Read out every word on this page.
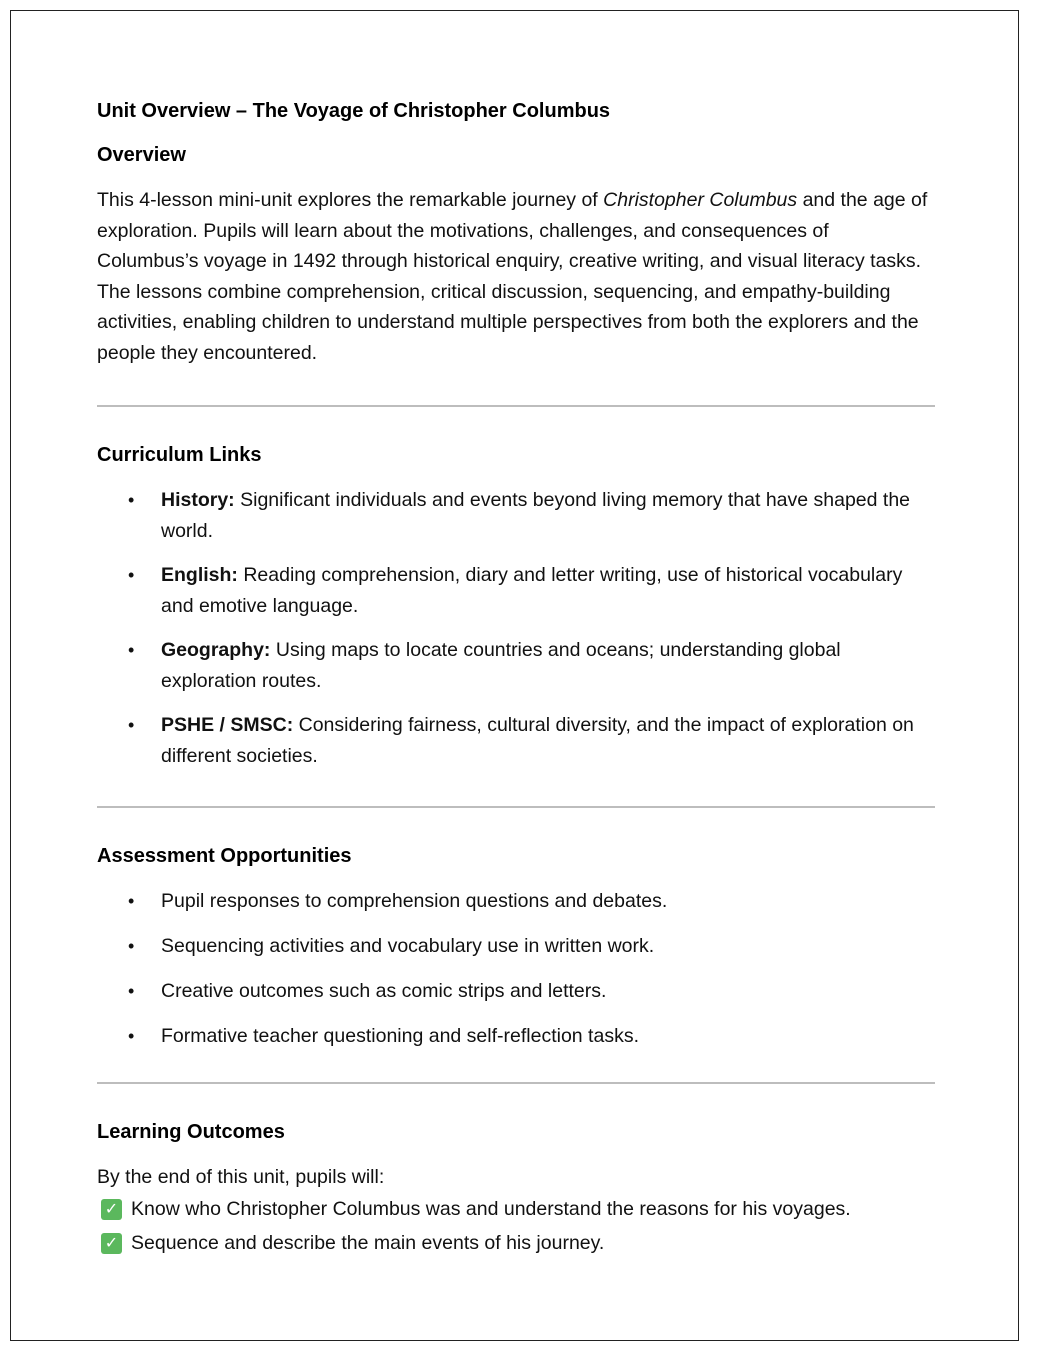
Unit Overview – The Voyage of Christopher Columbus
Overview

This 4-lesson mini-unit explores the remarkable journey of Christopher Columbus and the age of exploration. Pupils will learn about the motivations, challenges, and consequences of Columbus’s voyage in 1492 through historical enquiry, creative writing, and visual literacy tasks. The lessons combine comprehension, critical discussion, sequencing, and empathy-building activities, enabling children to understand multiple perspectives from both the explorers and the people they encountered.

Curriculum Links
• History: Significant individuals and events beyond living memory that have shaped the world.
• English: Reading comprehension, diary and letter writing, use of historical vocabulary and emotive language.
• Geography: Using maps to locate countries and oceans; understanding global exploration routes.
• PSHE / SMSC: Considering fairness, cultural diversity, and the impact of exploration on different societies.
Assessment Opportunities
• Pupil responses to comprehension questions and debates.
• Sequencing activities and vocabulary use in written work.
• Creative outcomes such as comic strips and letters.
• Formative teacher questioning and self-reflection tasks.
Learning Outcomes

By the end of this unit, pupils will:

✓ Know who Christopher Columbus was and understand the reasons for his voyages.
✓ Sequence and describe the main events of his journey.
